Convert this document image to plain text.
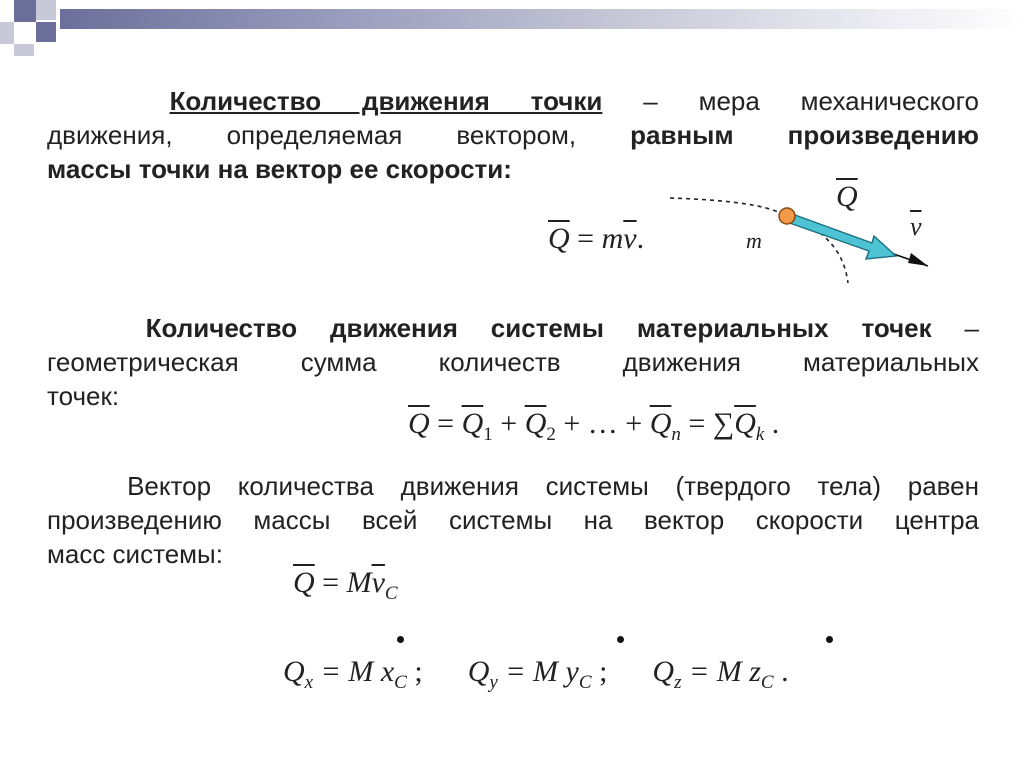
Количество движения точки – мера механического
движения, определяемая вектором, равным произведению
массы точки на вектор ее скорости:
$\overline{Q} = m\overline{v}$.
$\overline{Q}$
$\overline{v}$
m
Количество движения системы материальных точек –
геометрическая сумма количеств движения материальных
точек:
$\overline{Q} = \overline{Q}_1 + \overline{Q}_2$ + … + $\overline{Q}_n = \sum\overline{Q}_k$ .
Вектор количества движения системы (твердого тела) равен
произведению массы всей системы на вектор скорости центра
масс системы:
$\overline{Q} = M\overline{v}_C$
$Q_x = M$ $x_C$ ; $Q_y = M$ $y_C$ ; $Q_z = M$ $z_C$ .
